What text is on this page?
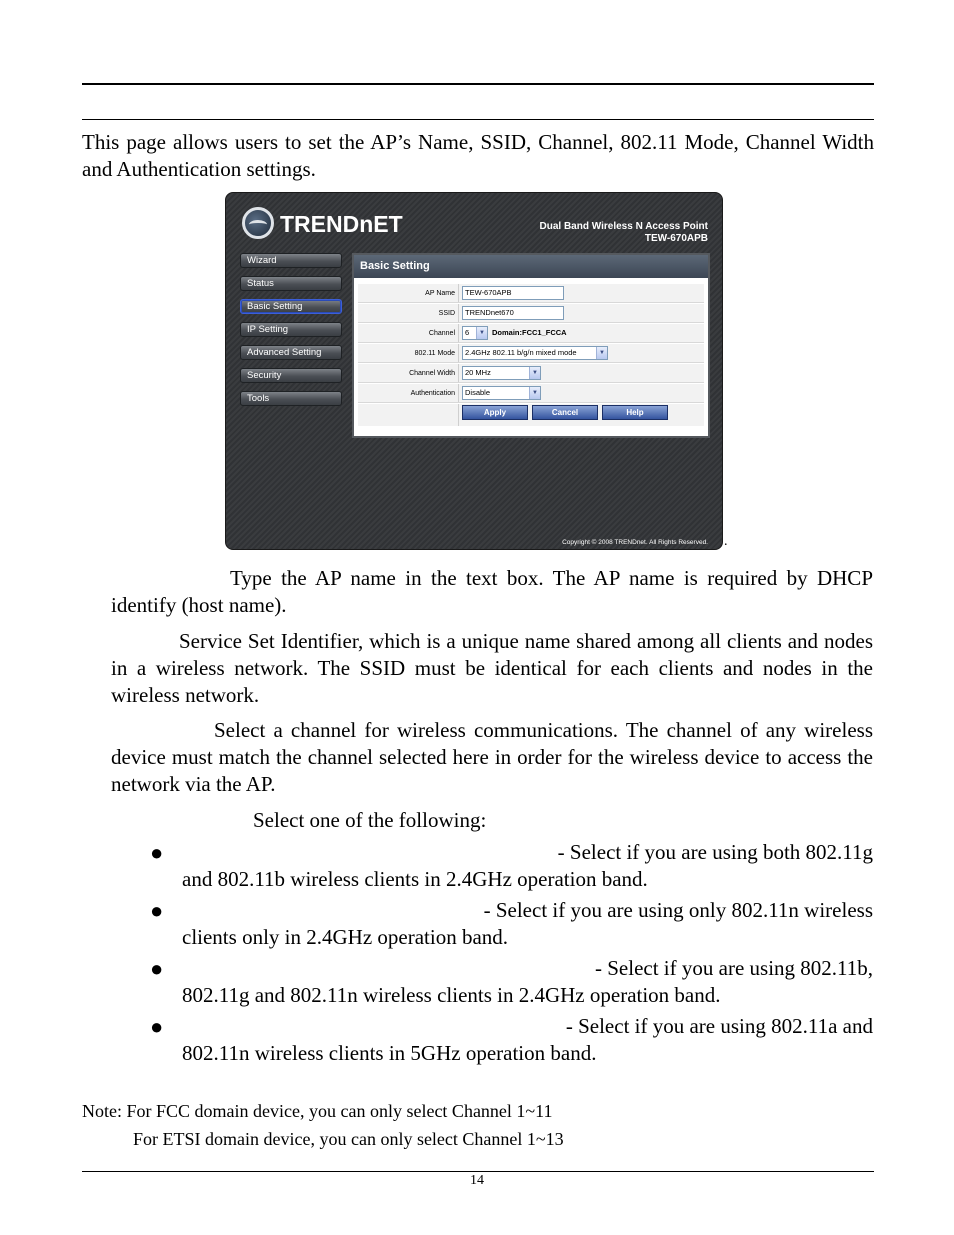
This page allows users to set the AP’s Name, SSID, Channel, 802.11 Mode, Channel Width and Authentication settings.

TRENDnET	Dual Band Wireless N Access Point
TEW-670APB
Wizard
Status
Basic Setting
IP Setting
Advanced Setting
Security
Tools
Basic Setting
AP Name	TEW-670APB
SSID	TRENDnet670
Channel	6	▼ Domain:FCC1_FCCA
802.11 Mode	2.4GHz 802.11 b/g/n mixed mode	▼
Channel Width	20 MHz	▼
Authentication	Disable	▼
Apply	Cancel	Help
Copyright © 2008 TRENDnet. All Rights Reserved. .

Type the AP name in the text box. The AP name is required by DHCP identify (host name).

Service Set Identifier, which is a unique name shared among all clients and nodes in a wireless network. The SSID must be identical for each clients and nodes in the wireless network.

Select a channel for wireless communications. The channel of any wireless device must match the channel selected here in order for the wireless device to access the network via the AP.

Select one of the following:

●	- Select if you are using both 802.11g
and 802.11b wireless clients in 2.4GHz operation band.
●	- Select if you are using only 802.11n wireless
clients only in 2.4GHz operation band.
●	- Select if you are using 802.11b,
802.11g and 802.11n wireless clients in 2.4GHz operation band.
●	- Select if you are using 802.11a and
802.11n wireless clients in 5GHz operation band.
Note: For FCC domain device, you can only select Channel 1~11
For ETSI domain device, you can only select Channel 1~13
14
